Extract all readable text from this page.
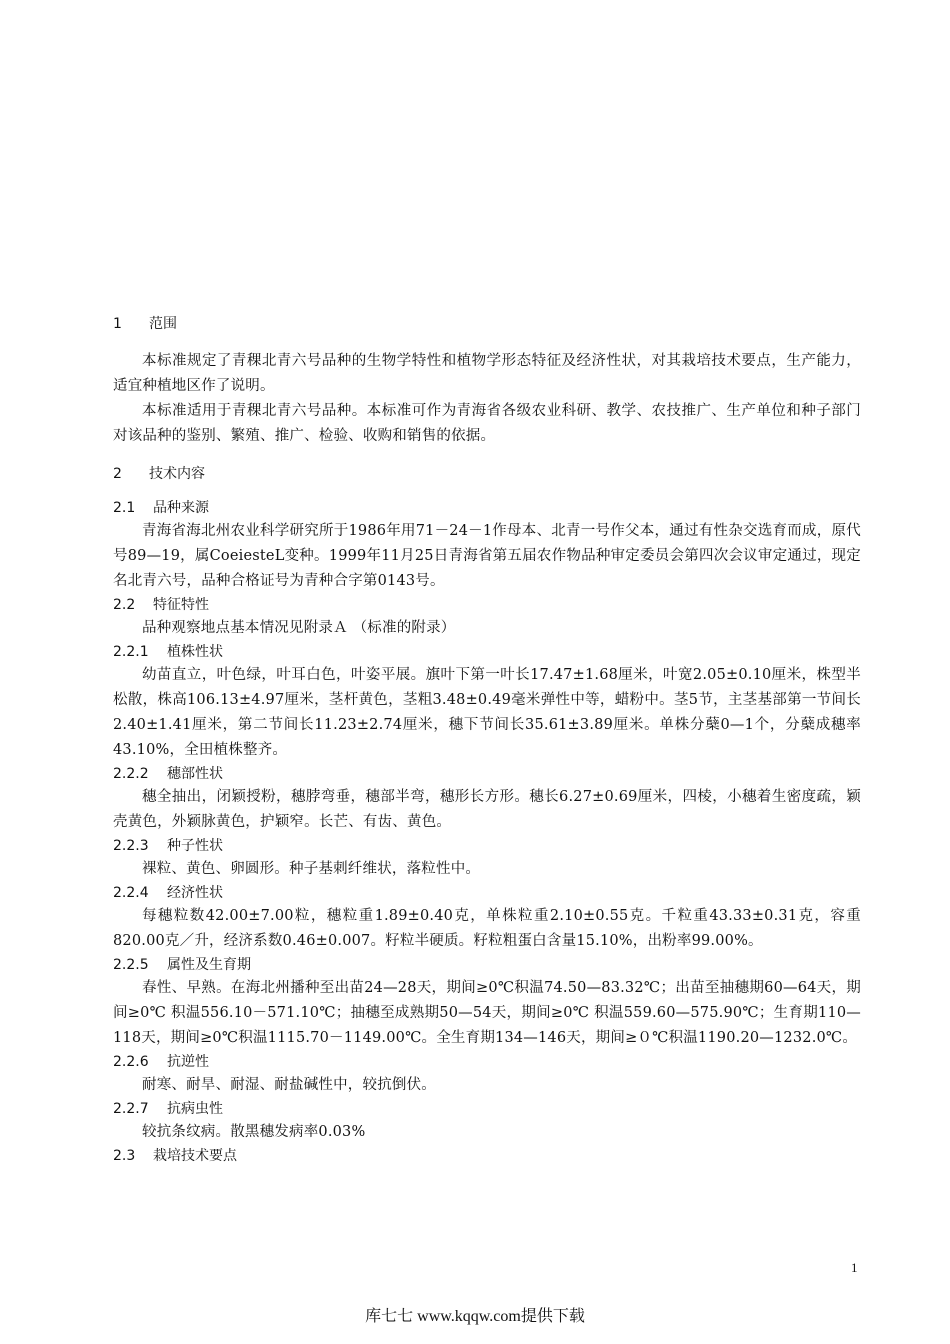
1 范围

本标准规定了青稞北青六号品种的生物学特性和植物学形态特征及经济性状，对其栽培技术要点，生产能力，适宜种植地区作了说明。

本标准适用于青稞北青六号品种。本标准可作为青海省各级农业科研、教学、农技推广、生产单位和种子部门对该品种的鉴别、繁殖、推广、检验、收购和销售的依据。

2 技术内容
2.1 品种来源

青海省海北州农业科学研究所于1986年用71－24－1作母本、北青一号作父本，通过有性杂交选育而成，原代号89—19，属CoeiesteL变种。1999年11月25日青海省第五届农作物品种审定委员会第四次会议审定通过，现定名北青六号，品种合格证号为青种合字第0143号。

2.2 特征特性

品种观察地点基本情况见附录Ａ （标准的附录）

2.2.1 植株性状

幼苗直立，叶色绿，叶耳白色，叶姿平展。旗叶下第一叶长17.47±1.68厘米，叶宽2.05±0.10厘米，株型半松散，株高106.13±4.97厘米，茎杆黄色，茎粗3.48±0.49毫米弹性中等，蜡粉中。茎5节，主茎基部第一节间长2.40±1.41厘米，第二节间长11.23±2.74厘米，穗下节间长35.61±3.89厘米。单株分蘖0—1个，分蘖成穗率43.10%，全田植株整齐。

2.2.2 穗部性状

穗全抽出，闭颖授粉，穗脖弯垂，穗部半弯，穗形长方形。穗长6.27±0.69厘米，四棱，小穗着生密度疏，颖壳黄色，外颖脉黄色，护颖窄。长芒、有齿、黄色。

2.2.3 种子性状

裸粒、黄色、卵圆形。种子基刺纤维状，落粒性中。

2.2.4 经济性状

每穗粒数42.00±7.00粒，穗粒重1.89±0.40克，单株粒重2.10±0.55克。千粒重43.33±0.31克，容重820.00克／升，经济系数0.46±0.007。籽粒半硬质。籽粒粗蛋白含量15.10%，出粉率99.00%。

2.2.5 属性及生育期

春性、早熟。在海北州播种至出苗24—28天，期间≥0℃积温74.50—83.32℃；出苗至抽穗期60—64天，期间≥0℃ 积温556.10－571.10℃；抽穗至成熟期50—54天，期间≥0℃ 积温559.60—575.90℃；生育期110—118天，期间≥0℃积温1115.70－1149.00℃。全生育期134—146天，期间≥０℃积温1190.20—1232.0℃。

2.2.6 抗逆性

耐寒、耐旱、耐湿、耐盐碱性中，较抗倒伏。

2.2.7 抗病虫性

较抗条纹病。散黑穗发病率0.03%

2.3 栽培技术要点
1
库七七 www.kqqw.com提供下载
